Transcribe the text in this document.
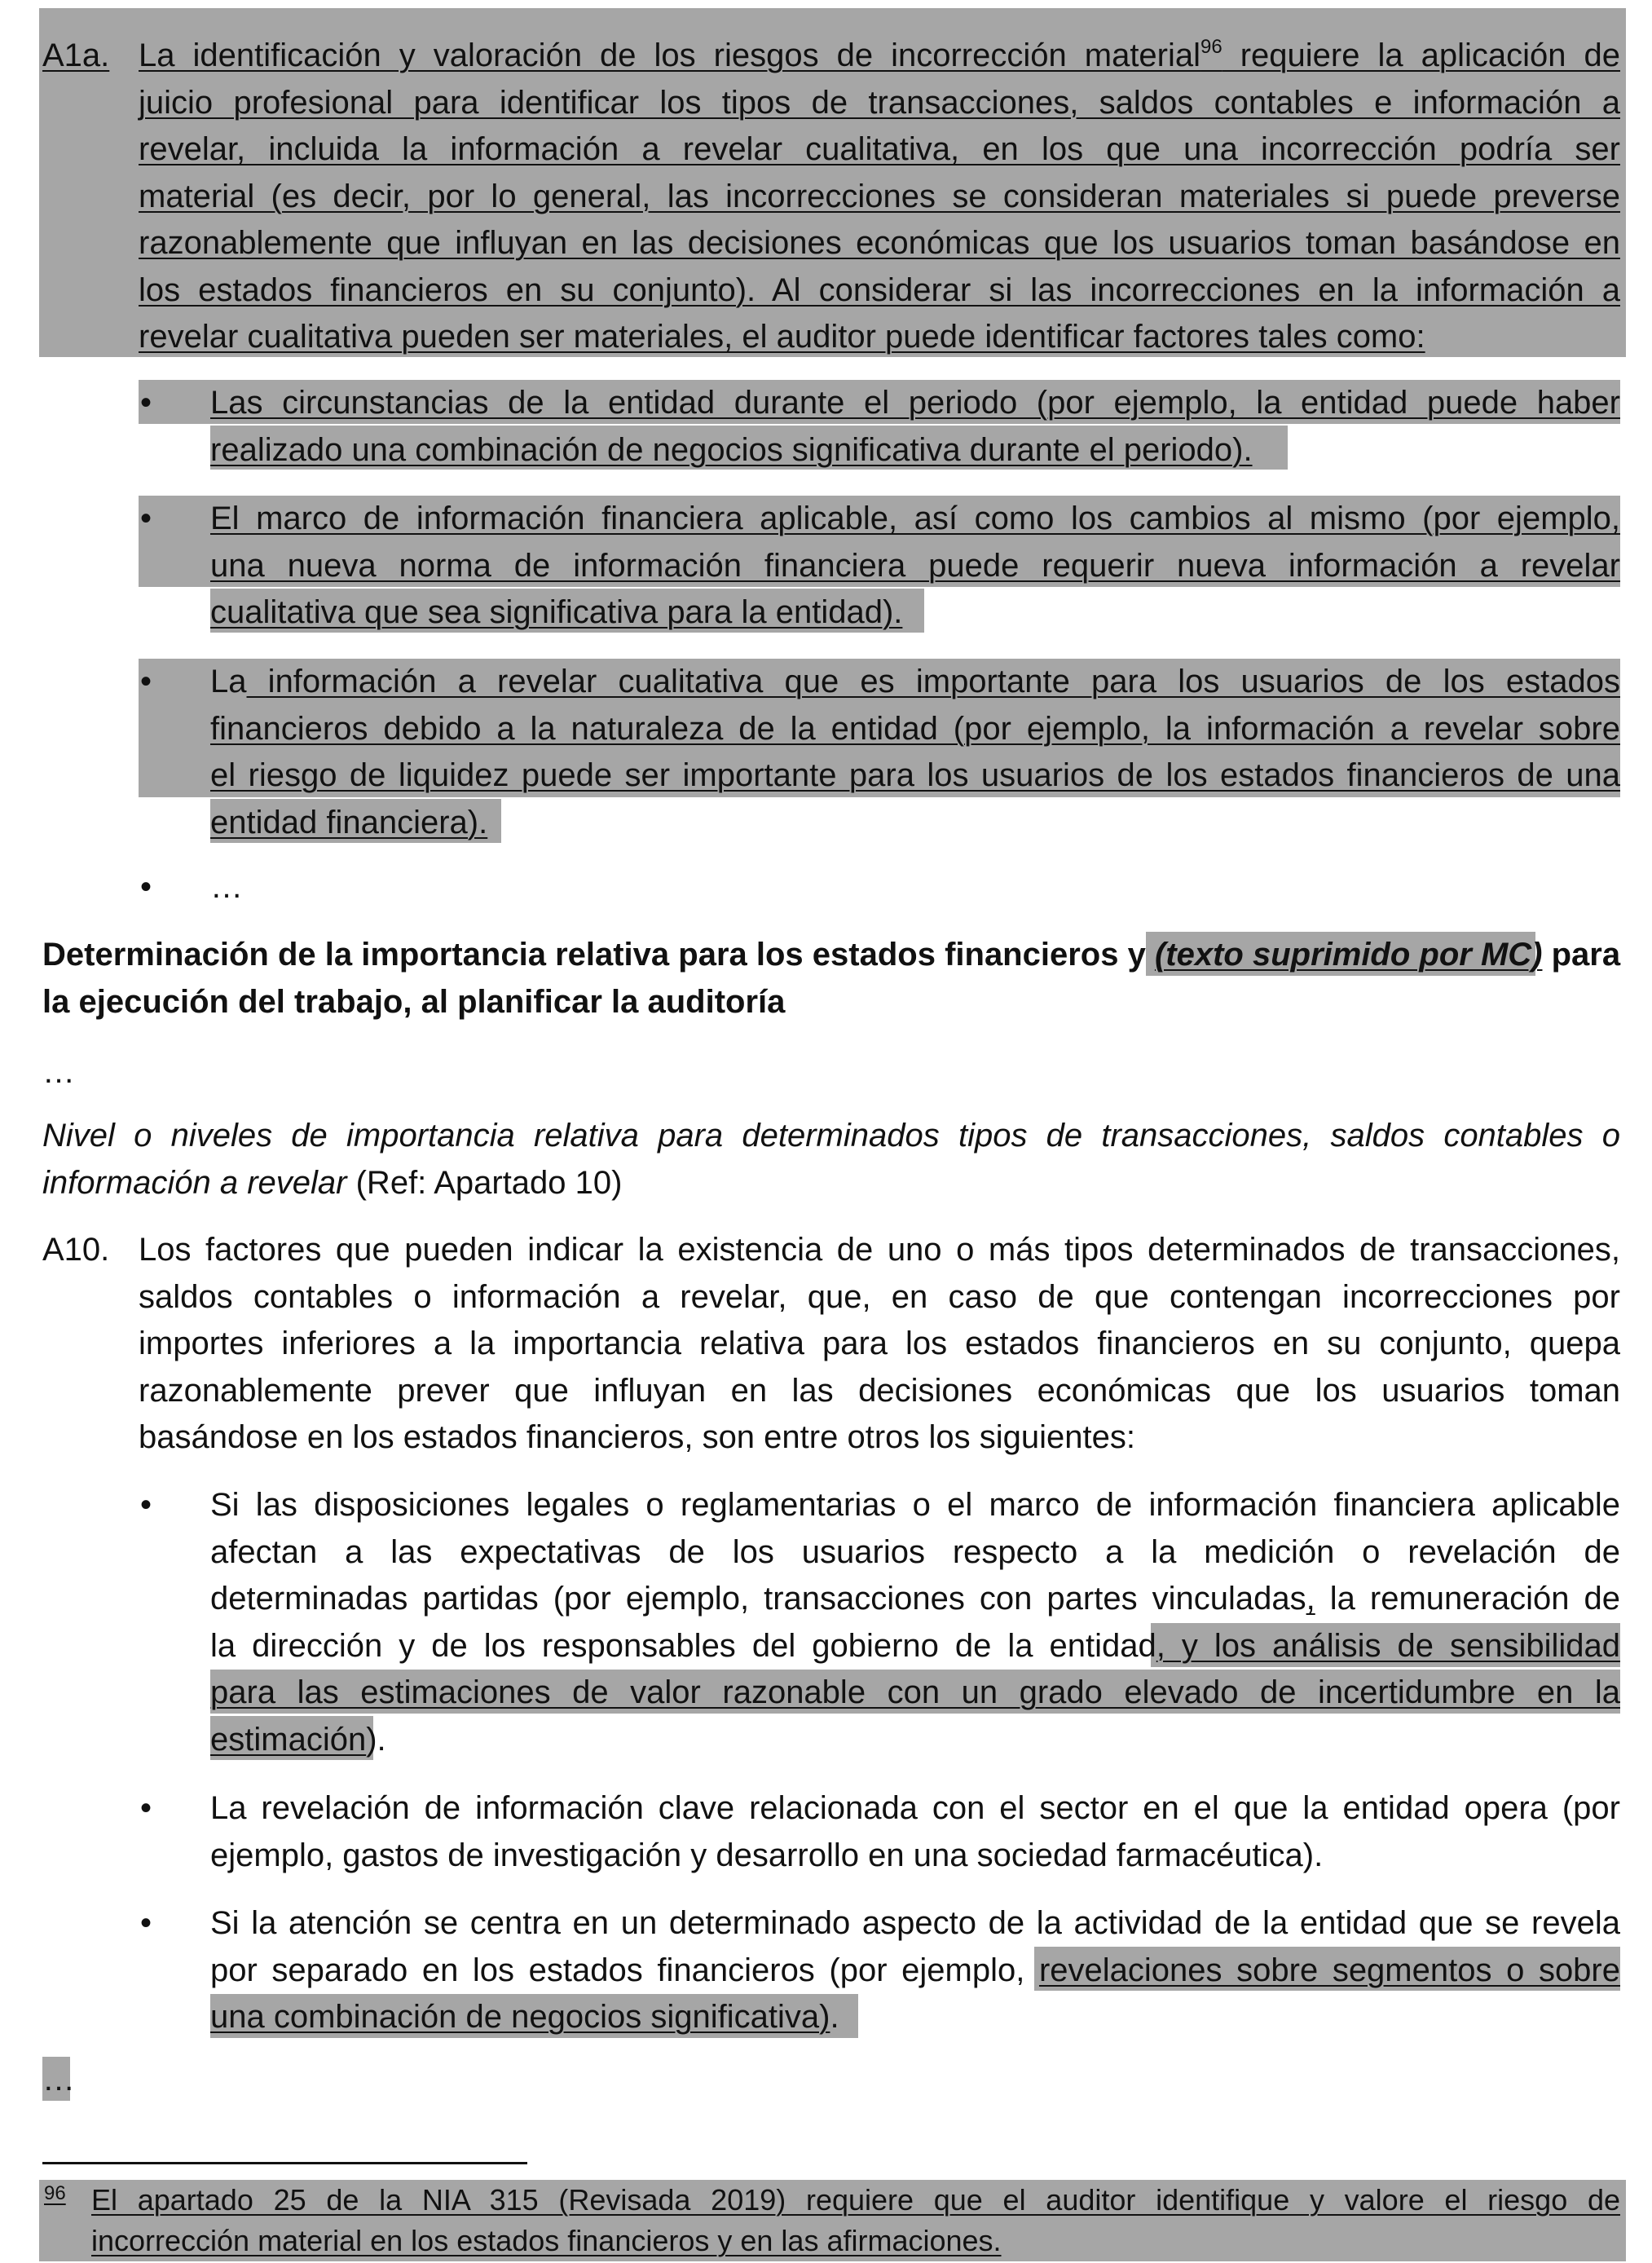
A1a. La identificación y valoración de los riesgos de incorrección material$^{96}$ requiere la aplicación de
juicio profesional para identificar los tipos de transacciones, saldos contables e información a
revelar, incluida la información a revelar cualitativa, en los que una incorrección podría ser
material (es decir, por lo general, las incorrecciones se consideran materiales si puede preverse
razonablemente que influyan en las decisiones económicas que los usuarios toman basándose en
los estados financieros en su conjunto). Al considerar si las incorrecciones en la información a
revelar cualitativa pueden ser materiales, el auditor puede identificar factores tales como:
• Las circunstancias de la entidad durante el periodo (por ejemplo, la entidad puede haber
realizado una combinación de negocios significativa durante el periodo).
• El marco de información financiera aplicable, así como los cambios al mismo (por ejemplo,
una nueva norma de información financiera puede requerir nueva información a revelar
cualitativa que sea significativa para la entidad).
• La información a revelar cualitativa que es importante para los usuarios de los estados
financieros debido a la naturaleza de la entidad (por ejemplo, la información a revelar sobre
el riesgo de liquidez puede ser importante para los usuarios de los estados financieros de una
entidad financiera).
• …
Determinación de la importancia relativa para los estados financieros y (texto suprimido por MC) para
la ejecución del trabajo, al planificar la auditoría
…
Nivel o niveles de importancia relativa para determinados tipos de transacciones, saldos contables o
información a revelar (Ref: Apartado 10)
A10. Los factores que pueden indicar la existencia de uno o más tipos determinados de transacciones,
saldos contables o información a revelar, que, en caso de que contengan incorrecciones por
importes inferiores a la importancia relativa para los estados financieros en su conjunto, quepa
razonablemente prever que influyan en las decisiones económicas que los usuarios toman
basándose en los estados financieros, son entre otros los siguientes:
• Si las disposiciones legales o reglamentarias o el marco de información financiera aplicable
afectan a las expectativas de los usuarios respecto a la medición o revelación de
determinadas partidas (por ejemplo, transacciones con partes vinculadas, la remuneración de
la dirección y de los responsables del gobierno de la entidad, y los análisis de sensibilidad
para las estimaciones de valor razonable con un grado elevado de incertidumbre en la
estimación).
• La revelación de información clave relacionada con el sector en el que la entidad opera (por
ejemplo, gastos de investigación y desarrollo en una sociedad farmacéutica).
• Si la atención se centra en un determinado aspecto de la actividad de la entidad que se revela
por separado en los estados financieros (por ejemplo, revelaciones sobre segmentos o sobre
una combinación de negocios significativa).
…
96 El apartado 25 de la NIA 315 (Revisada 2019) requiere que el auditor identifique y valore el riesgo de
incorrección material en los estados financieros y en las afirmaciones.
